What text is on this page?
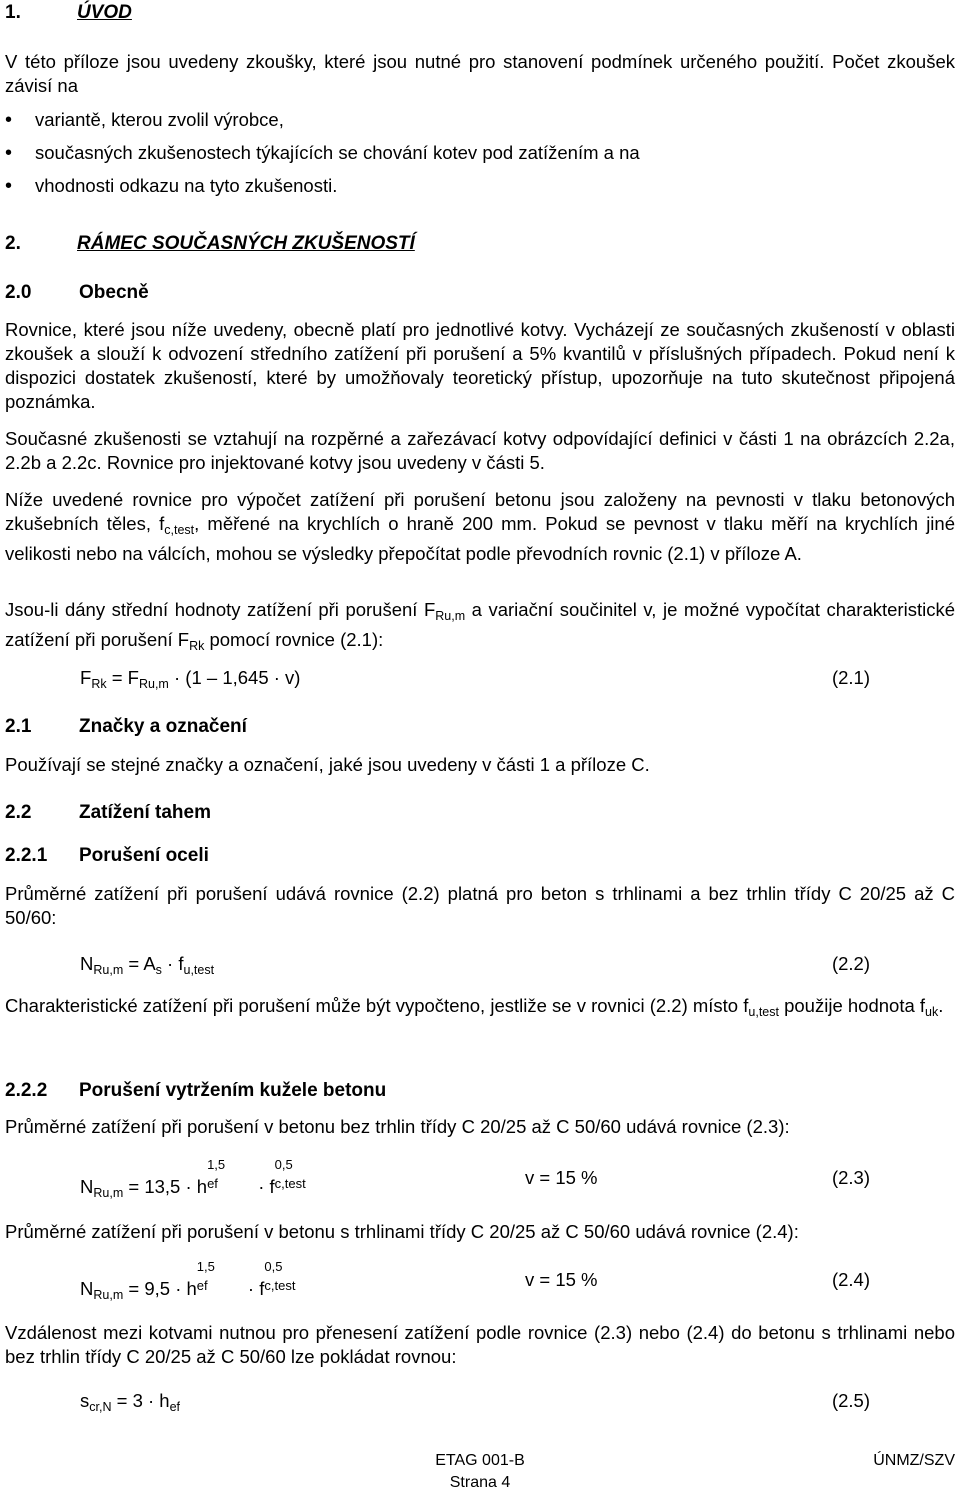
1.	ÚVOD

V této příloze jsou uvedeny zkoušky, které jsou nutné pro stanovení podmínek určeného použití. Počet zkoušek závisí na

• variantě, kterou zvolil výrobce,
• současných zkušenostech týkajících se chování kotev pod zatížením a na
• vhodnosti odkazu na tyto zkušenosti.
2.	RÁMEC SOUČASNÝCH ZKUŠENOSTÍ
2.0	Obecně

Rovnice, které jsou níže uvedeny, obecně platí pro jednotlivé kotvy. Vycházejí ze současných zkušeností v oblasti zkoušek a slouží k odvození středního zatížení při porušení a 5% kvantilů v příslušných případech. Pokud není k dispozici dostatek zkušeností, které by umožňovaly teoretický přístup, upozorňuje na tuto skutečnost připojená poznámka.

Současné zkušenosti se vztahují na rozpěrné a zařezávací kotvy odpovídající definici v části 1 na obrázcích 2.2a, 2.2b a 2.2c. Rovnice pro injektované kotvy jsou uvedeny v části 5.

Níže uvedené rovnice pro výpočet zatížení při porušení betonu jsou založeny na pevnosti v tlaku betonových zkušebních těles, $f_{c,test}$, měřené na krychlích o hraně 200 mm. Pokud se pevnost v tlaku měří na krychlích jiné velikosti nebo na válcích, mohou se výsledky přepočítat podle převodních rovnic (2.1) v příloze A.

Jsou-li dány střední hodnoty zatížení při porušení $F_{Ru,m}$ a variační součinitel v, je možné vypočítat charakteristické zatížení při porušení $F_{Rk}$ pomocí rovnice (2.1):

$F_{Rk} = F_{Ru,m} \cdot (1 - 1,645 \cdot v)$	(2.1)
2.1	Značky a označení

Používají se stejné značky a označení, jaké jsou uvedeny v části 1 a příloze C.

2.2	Zatížení tahem
2.2.1 Porušení oceli

Průměrné zatížení při porušení udává rovnice (2.2) platná pro beton s trhlinami a bez trhlin třídy C 20/25 až C 50/60:

$N_{Ru,m} = A_s \cdot f_{u,test}$	(2.2)

Charakteristické zatížení při porušení může být vypočteno, jestliže se v rovnici (2.2) místo $f_{u,test}$ použije hodnota $f_{uk}$.

2.2.2 Porušení vytržením kužele betonu

Průměrné zatížení při porušení v betonu bez trhlin třídy C 20/25 až C 50/60 udává rovnice (2.3):

$N_{Ru,m} = 13,5 \cdot h$
1,5
ef · f
0,5
c,test	v = 15 %	(2.3)

Průměrné zatížení při porušení v betonu s trhlinami třídy C 20/25 až C 50/60 udává rovnice (2.4):

$N_{Ru,m} = 9,5 \cdot h$
1,5
ef · f
0,5
c,test	v = 15 %	(2.4)

Vzdálenost mezi kotvami nutnou pro přenesení zatížení podle rovnice (2.3) nebo (2.4) do betonu s trhlinami nebo bez trhlin třídy C 20/25 až C 50/60 lze pokládat rovnou:

$s_{cr,N} = 3 \cdot h_{ef}$	(2.5)
ETAG 001-B
Strana 4
ÚNMZ/SZV
